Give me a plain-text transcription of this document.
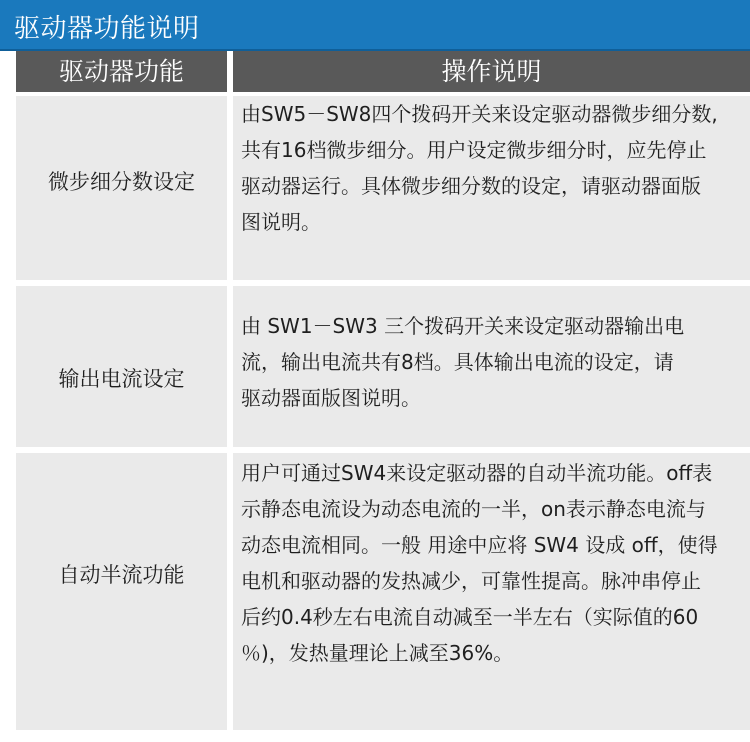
驱动器功能说明
驱动器功能	操作说明
微步细分数设定
由SW5－SW8四个拨码开关来设定驱动器微步细分数,
共有16档微步细分。用户设定微步细分时，应先停止
驱动器运行。具体微步细分数的设定，请驱动器面版
图说明。
输出电流设定
由 SW1－SW3 三个拨码开关来设定驱动器输出电
流，输出电流共有8档。具体输出电流的设定，请
驱动器面版图说明。
自动半流功能
用户可通过SW4来设定驱动器的自动半流功能。off表
示静态电流设为动态电流的一半，on表示静态电流与
动态电流相同。一般 用途中应将 SW4 设成 off，使得
电机和驱动器的发热减少，可靠性提高。脉冲串停止
后约0.4秒左右电流自动减至一半左右（实际值的60
％)，发热量理论上减至36%。
